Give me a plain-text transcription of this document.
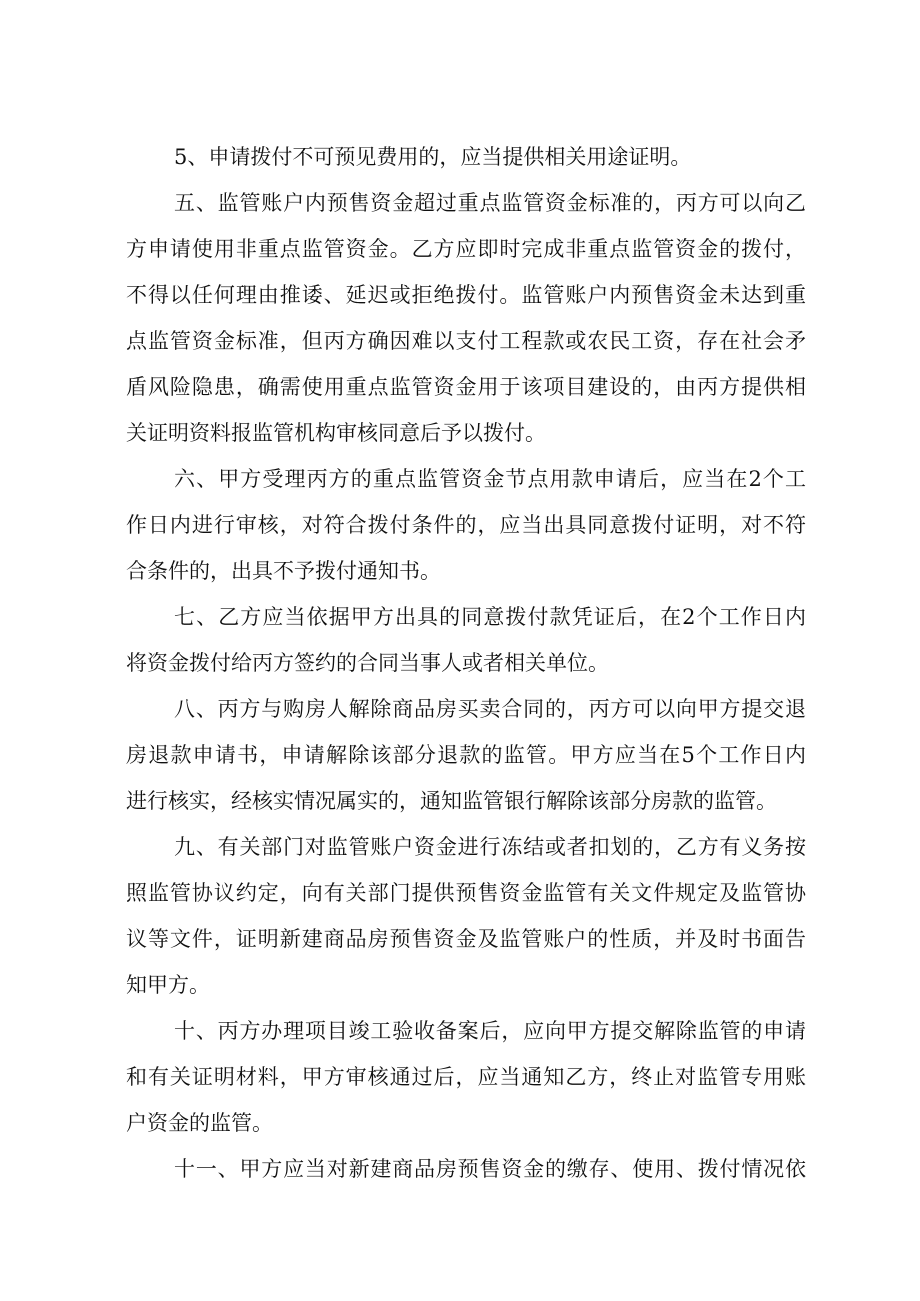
5、申请拨付不可预见费用的，应当提供相关用途证明。
五、监管账户内预售资金超过重点监管资金标准的，丙方可以向乙
方申请使用非重点监管资金。乙方应即时完成非重点监管资金的拨付，
不得以任何理由推诿、延迟或拒绝拨付。监管账户内预售资金未达到重
点监管资金标准，但丙方确因难以支付工程款或农民工资，存在社会矛
盾风险隐患，确需使用重点监管资金用于该项目建设的，由丙方提供相
关证明资料报监管机构审核同意后予以拨付。
六、甲方受理丙方的重点监管资金节点用款申请后，应当在2个工
作日内进行审核，对符合拨付条件的，应当出具同意拨付证明，对不符
合条件的，出具不予拨付通知书。
七、乙方应当依据甲方出具的同意拨付款凭证后，在2个工作日内
将资金拨付给丙方签约的合同当事人或者相关单位。
八、丙方与购房人解除商品房买卖合同的，丙方可以向甲方提交退
房退款申请书，申请解除该部分退款的监管。甲方应当在5个工作日内
进行核实，经核实情况属实的，通知监管银行解除该部分房款的监管。
九、有关部门对监管账户资金进行冻结或者扣划的，乙方有义务按
照监管协议约定，向有关部门提供预售资金监管有关文件规定及监管协
议等文件，证明新建商品房预售资金及监管账户的性质，并及时书面告
知甲方。
十、丙方办理项目竣工验收备案后，应向甲方提交解除监管的申请
和有关证明材料，甲方审核通过后，应当通知乙方，终止对监管专用账
户资金的监管。
十一、甲方应当对新建商品房预售资金的缴存、使用、拨付情况依
